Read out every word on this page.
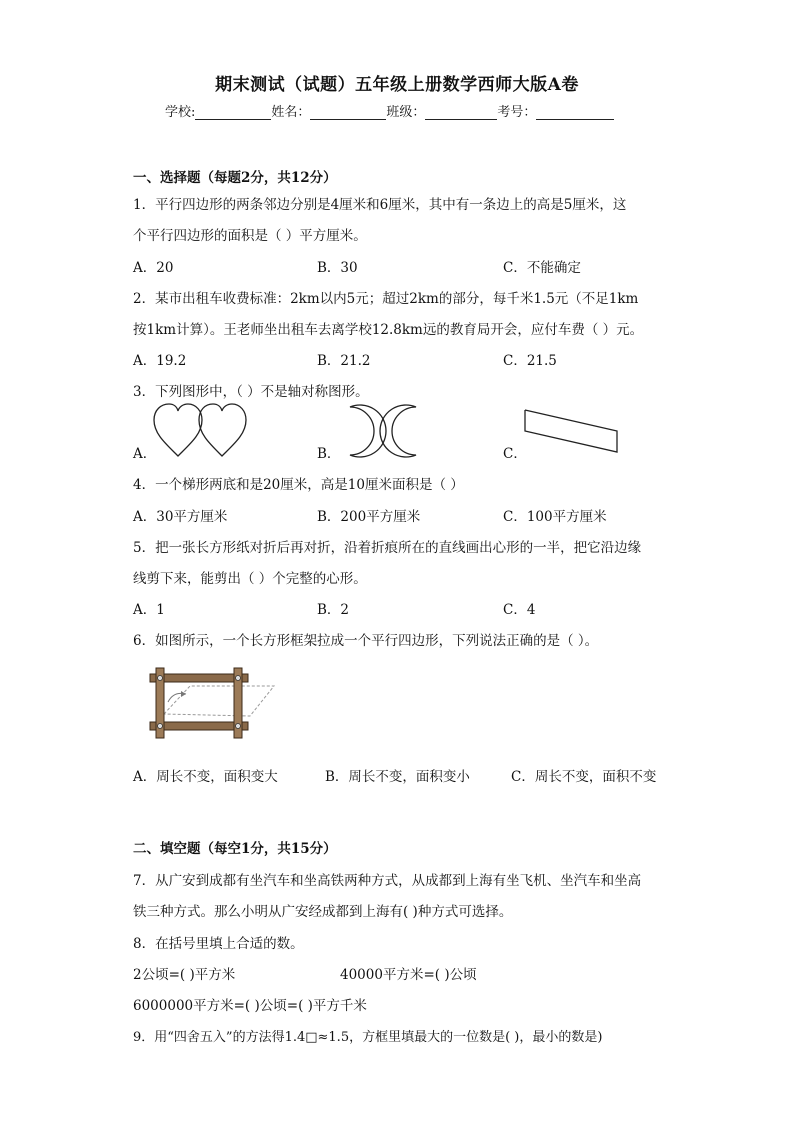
期末测试（试题）五年级上册数学西师大版A卷
学校:	姓名：	班级：	考号：
一、选择题（每题2分，共12分）
1．平行四边形的两条邻边分别是4厘米和6厘米，其中有一条边上的高是5厘米，这
个平行四边形的面积是（ ）平方厘米。
A．20	B．30	C．不能确定
2．某市出租车收费标准：2km以内5元；超过2km的部分，每千米1.5元（不足1km
按1km计算）。王老师坐出租车去离学校12.8km远的教育局开会，应付车费（ ）元。
A．19.2	B．21.2	C．21.5
3．下列图形中，（ ）不是轴对称图形。
A．	B．	C．
4．一个梯形两底和是20厘米，高是10厘米面积是（ ）
A．30平方厘米	B．200平方厘米	C．100平方厘米
5．把一张长方形纸对折后再对折，沿着折痕所在的直线画出心形的一半，把它沿边缘
线剪下来，能剪出（ ）个完整的心形。
A．1	B．2	C．4
6．如图所示，一个长方形框架拉成一个平行四边形，下列说法正确的是（ ）。
A．周长不变，面积变大	B．周长不变，面积变小	C．周长不变，面积不变
二、填空题（每空1分，共15分）
7．从广安到成都有坐汽车和坐高铁两种方式，从成都到上海有坐飞机、坐汽车和坐高
铁三种方式。那么小明从广安经成都到上海有( )种方式可选择。
8．在括号里填上合适的数。
2公顷=( )平方米	40000平方米=( )公顷
6000000平方米=( )公顷=( )平方千米
9．用“四舍五入”的方法得1.4□≈1.5，方框里填最大的一位数是( )，最小的数是)
